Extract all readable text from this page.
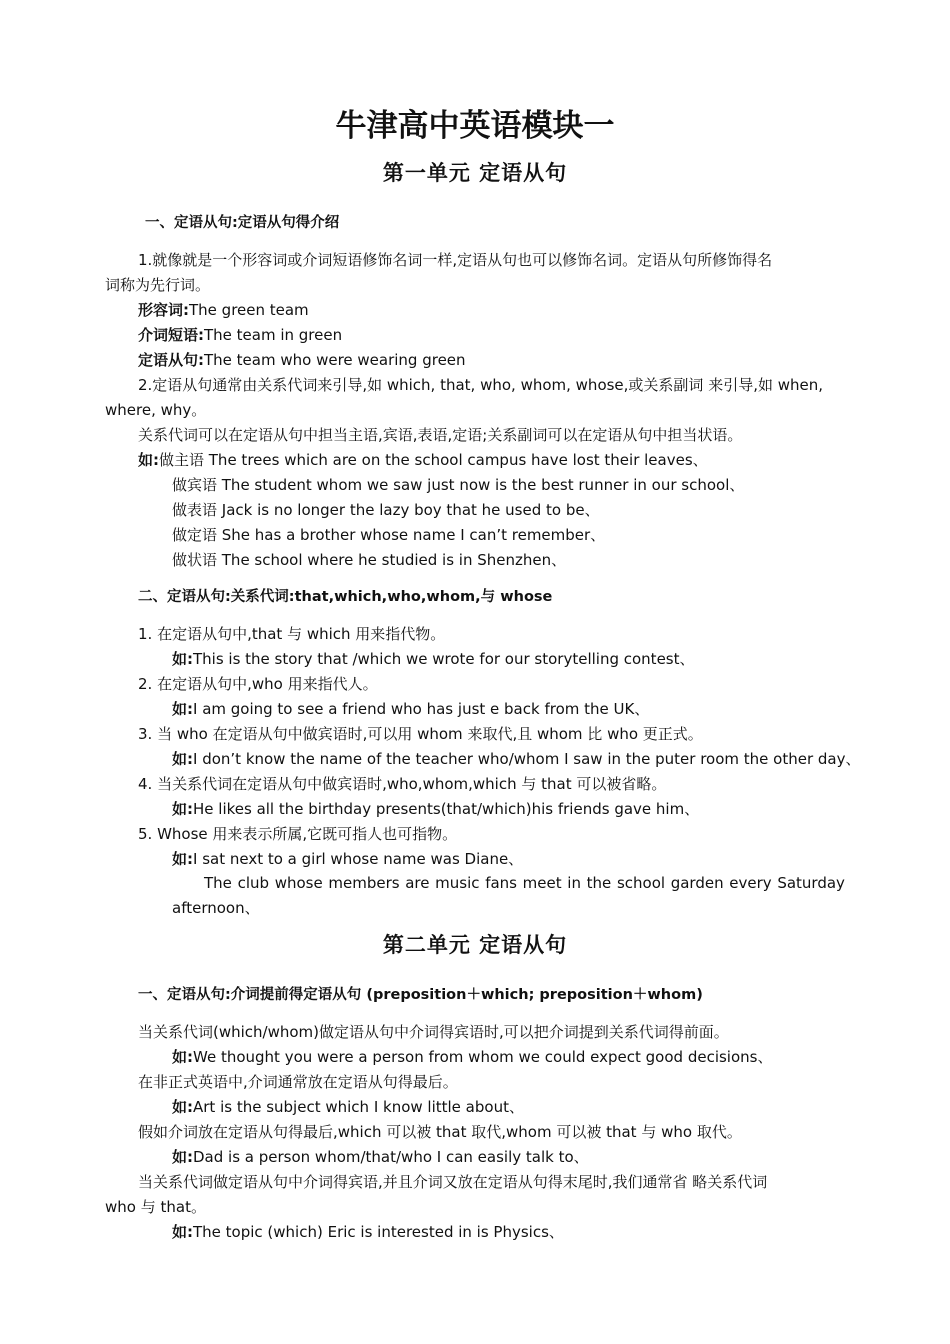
牛津高中英语模块一
第一单元 定语从句
一、定语从句:定语从句得介绍
1.就像就是一个形容词或介词短语修饰名词一样,定语从句也可以修饰名词。定语从句所修饰得名
词称为先行词。
形容词:The green team
介词短语:The team in green
定语从句:The team who were wearing green
2.定语从句通常由关系代词来引导,如 which, that, who, whom, whose,或关系副词 来引导,如 when,
where, why。
关系代词可以在定语从句中担当主语,宾语,表语,定语;关系副词可以在定语从句中担当状语。
如:做主语 The trees which are on the school campus have lost their leaves、
做宾语 The student whom we saw just now is the best runner in our school、
做表语 Jack is no longer the lazy boy that he used to be、
做定语 She has a brother whose name I can’t remember、
做状语 The school where he studied is in Shenzhen、
二、定语从句:关系代词:that,which,who,whom,与 whose
1. 在定语从句中,that 与 which 用来指代物。
如:This is the story that /which we wrote for our storytelling contest、
2. 在定语从句中,who 用来指代人。
如:I am going to see a friend who has just e back from the UK、
3. 当 who 在定语从句中做宾语时,可以用 whom 来取代,且 whom 比 who 更正式。
如:I don’t know the name of the teacher who/whom I saw in the puter room the other day、
4. 当关系代词在定语从句中做宾语时,who,whom,which 与 that 可以被省略。
如:He likes all the birthday presents(that/which)his friends gave him、
5. Whose 用来表示所属,它既可指人也可指物。
如:I sat next to a girl whose name was Diane、
The club whose members are music fans meet in the school garden every Saturday
afternoon、
第二单元 定语从句
一、定语从句:介词提前得定语从句 (preposition＋which; preposition＋whom)
当关系代词(which/whom)做定语从句中介词得宾语时,可以把介词提到关系代词得前面。
如:We thought you were a person from whom we could expect good decisions、
在非正式英语中,介词通常放在定语从句得最后。
如:Art is the subject which I know little about、
假如介词放在定语从句得最后,which 可以被 that 取代,whom 可以被 that 与 who 取代。
如:Dad is a person whom/that/who I can easily talk to、
当关系代词做定语从句中介词得宾语,并且介词又放在定语从句得末尾时,我们通常省 略关系代词
who 与 that。
如:The topic (which) Eric is interested in is Physics、
